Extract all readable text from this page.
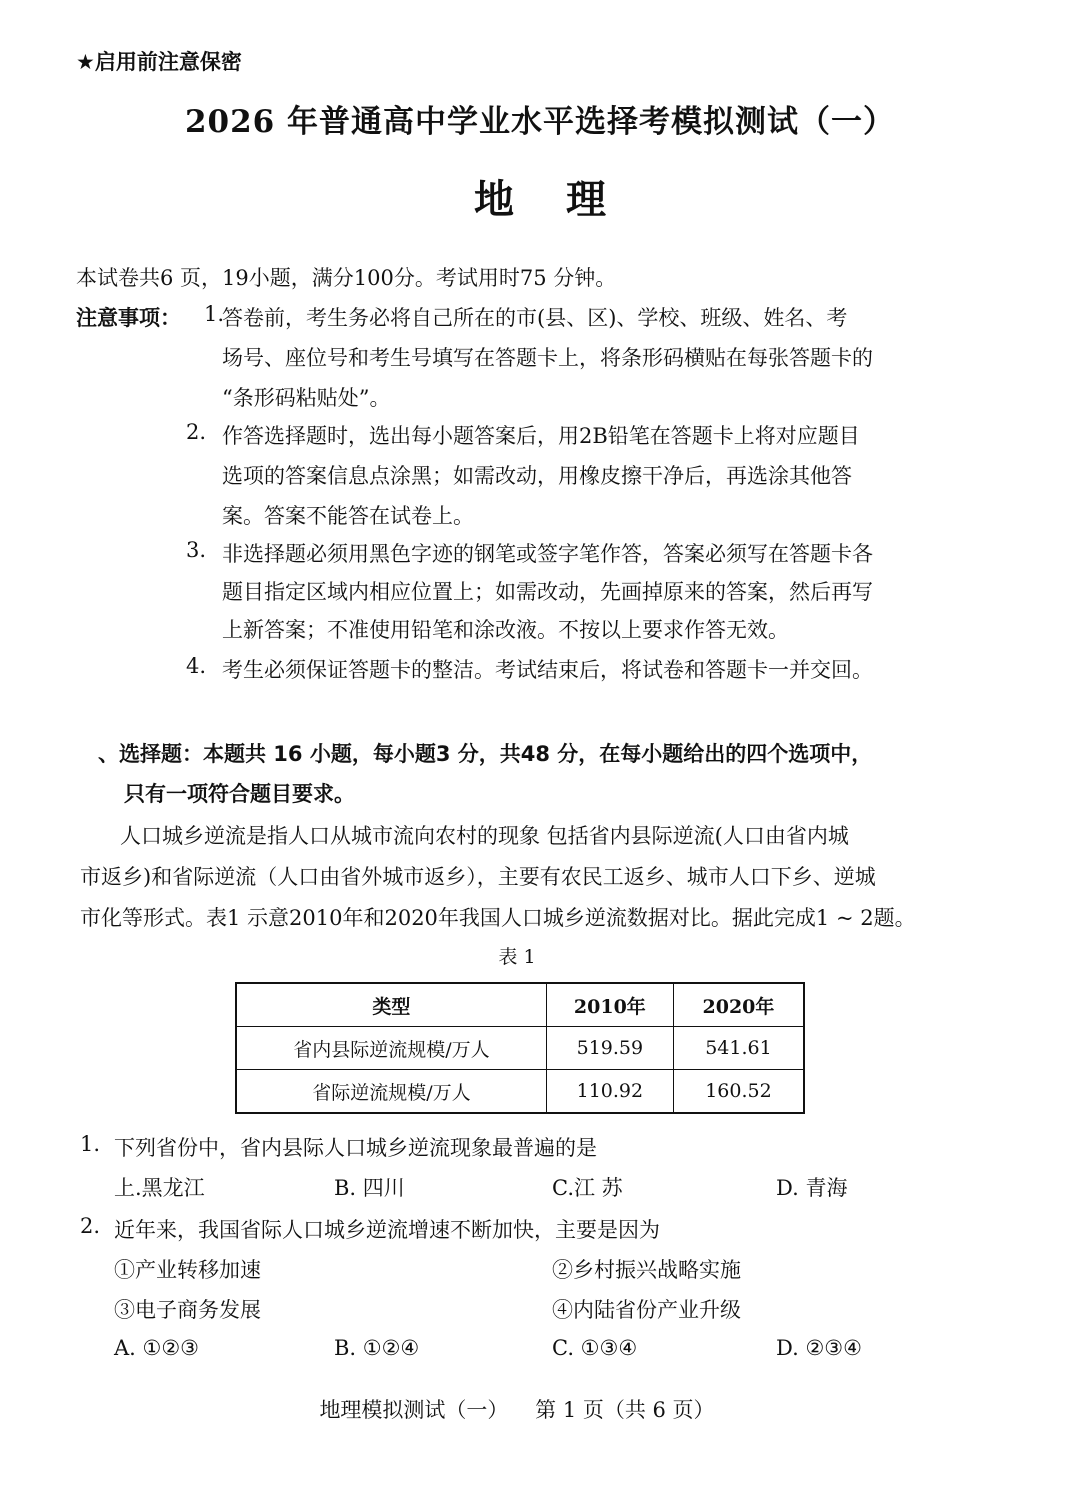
★启用前注意保密
2026 年普通高中学业水平选择考模拟测试（一）
地理
本试卷共6 页，19小题，满分100分。考试用时75 分钟。
注意事项： 1.
答卷前，考生务必将自己所在的市(县、区)、学校、班级、姓名、考
场号、座位号和考生号填写在答题卡上，将条形码横贴在每张答题卡的
“条形码粘贴处”。
2. 作答选择题时，选出每小题答案后，用2B铅笔在答题卡上将对应题目
选项的答案信息点涂黑；如需改动，用橡皮擦干净后，再选涂其他答
案。答案不能答在试卷上。
3. 非选择题必须用黑色字迹的钢笔或签字笔作答，答案必须写在答题卡各
题目指定区域内相应位置上；如需改动，先画掉原来的答案，然后再写
上新答案；不准使用铅笔和涂改液。不按以上要求作答无效。
4. 考生必须保证答题卡的整洁。考试结束后，将试卷和答题卡一并交回。
、选择题：本题共 16 小题，每小题3 分，共48 分，在每小题给出的四个选项中，
只有一项符合题目要求。
人口城乡逆流是指人口从城市流向农村的现象 包括省内县际逆流(人口由省内城
市返乡)和省际逆流（人口由省外城市返乡），主要有农民工返乡、城市人口下乡、逆城
市化等形式。表1 示意2010年和2020年我国人口城乡逆流数据对比。据此完成1 ~ 2题。
表 1
类型	2010年	2020年
省内县际逆流规模/万人	519.59	541.61
省际逆流规模/万人	110.92	160.52
1. 下列省份中，省内县际人口城乡逆流现象最普遍的是
上.黑龙江	B. 四川	C.江 苏	D. 青海
2. 近年来，我国省际人口城乡逆流增速不断加快，主要是因为
①产业转移加速	②乡村振兴战略实施
③电子商务发展	④内陆省份产业升级
A. ①②③	B. ①②④	C. ①③④	D. ②③④
地理模拟测试（一）    第 1 页（共 6 页）
